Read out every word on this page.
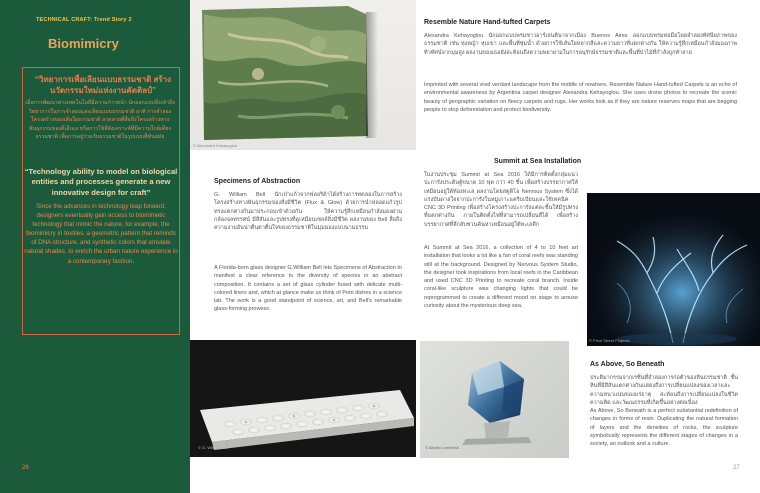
TECHNICAL CRAFT: Trend Story 2
Biomimicry
“วิทยาการเพื่อเลียนแบบธรรมชาติ สร้างนวัตกรรมใหม่แห่งงานคัตติลป์”
เมื่อการพัฒนาทางเทคโนโลยีมีความก้าวหน้า นักออกแบบจึงเข้าถึงวิทยาการในการจำลองและเลียนแบบธรรมชาติ อาทิ การจำลองโครงสร้างของเส้นใยธรรมชาติ ลวดลายที่สื่อถึงโครงสร้างทางพันธุกรรมของดีเอ็นเอ หรือการใช้สีสังเคราะห์ที่มีความใกล้เคียงธรรมชาติ เพื่อการอยู่ร่วมกับธรรมชาติในรูปแบบที่ทันสมัย
“Technology ability to model on biological entities and processes generate a new innovative design for craft”
Since the advances in technology leap forward, designers eventually gain access to biomimetic technology that mimic the nature, for example, the biomimicry in textiles, a geometric pattern that reminds of DNA structure, and synthetic colors that emulate natural shades, to enrich the urban nature experience in a contemporary fashion.
26
© Alexandra Kehayoglou
Specimens of Abstraction
G. William Bell นักเป่าแก้วจากฟลอริด้าได้สร้างการทดลองในการสร้างโครงสร้างทางพันธุกรรมของสิ่งมีชีวิต (Flux & Glow) ด้วยการนำหลอดแก้วรูปทรงแตกต่างกันมาประกอบเข้าด้วยกัน ให้ความรู้สึกเหมือนกำลังมองผ่านกล้องจุลทรรศน์ มีสีสันและรูปทรงที่ดูเหมือนเซลล์สิ่งมีชีวิต ผลงานของ Bell สื่อถึงความงามอันน่าตื่นตาตื่นใจของธรรมชาติในมุมมองแบบนามธรรม
A Florida-born glass designer G.William Bell lets Specimens of Abstraction to manifest a clear reference to the diversity of species in an abstract composition. It contains a set of glass cylinder fused with delicate multi-colored liners and, which at glance make us think of Petri dishes in a science lab. The work is a good standpoint of science, art, and Bell's remarkable glass-forming prowess.
© G. William Bell
Resemble Nature Hand-tufted Carpets
Alexandra Kehayoglou นักออกแบบพรมชาวอาร์เจนตินาจากเมือง Buenos Aires ออกแบบพรมทอมือโดยจำลองทัศนียภาพของธรรมชาติ เช่น ทุ่งหญ้า หุบเขา และพื้นที่ชุ่มน้ำ ด้วยการใช้เส้นใยหลากสีและความยาวที่แตกต่างกัน ให้ความรู้สึกเหมือนกำลังมองภาพทิวทัศน์จากมุมสูง ผลงานของเธอยังสะท้อนถึงความพยายามในการอนุรักษ์ธรรมชาติและพื้นที่ป่าไม้ที่กำลังถูกทำลาย
Imprinted with several vivid verdant landscape from the middle of nowhere, Resemble Nature Hand-tufted Carpets is an echo of environmental awareness by Argentina carpet designer Alexandra Kehayoglou. She uses drone photos to recreate the scenic beauty of geographic variation on fleecy carpets and rugs. Her works look as if they are nature reserves maps that are begging people to stop deforestation and protect biodiversity.
Summit at Sea Installation
ในงานประชุม Summit at Sea 2016 ได้มีการติดตั้งกลุ่มแนวปะการังประดิษฐ์ขนาด 10 ฟุต กว่า 40 ชิ้น เพื่อสร้างบรรยากาศให้เหมือนอยู่ใต้ท้องทะเล ผลงานโดยสตูดิโอ Nervous System ซึ่งได้แรงบันดาลใจจากปะการังในหมู่เกาะแคริบเบียนและใช้เทคนิค CNC 3D Printing เพื่อสร้างโครงสร้างปะการังแต่ละชิ้นให้มีรูปทรงที่แตกต่างกัน ภายในติดตั้งไฟที่สามารถเปลี่ยนสีได้ เพื่อสร้างบรรยากาศที่ลึกลับชวนค้นหาเหมือนอยู่ใต้ทะเลลึก
At Summit at Sea 2016, a collection of 4 to 10 feet art installation that looks a lot like a fan of coral reefs was standing still at the background. Designed by Nervous System Studio, the designer took inspirations from local reefs in the Caribbean and used CNC 3D Printing to recreate coral branch. Inside coral-like sculpture was changing lights that could be reprogrammed to create a different mood on stage to arouse curiosity about the mysterious deep sea.
© Alberto Lembeck
© Price Street Projects
As Above, So Beneath
ประติมากรรมจากเรซิ่นที่จำลองการก่อตัวของหินธรรมชาติ ชั้นหินที่มีสีสันแตกต่างกันแสดงถึงการเปลี่ยนแปลงของเวลาและความหนาแน่นของแร่ธาตุ สะท้อนถึงการเปลี่ยนแปลงในชีวิต ความคิด และวัฒนธรรมที่เกิดขึ้นอย่างต่อเนื่อง
As Above, So Beneath is a perfect substantial redefinition of changes in forms of resin. Duplicating the natural formation of layers and the densities of rocks, the sculpture symbolically represents the different stages of changes in a society, an outlook and a culture.
27
